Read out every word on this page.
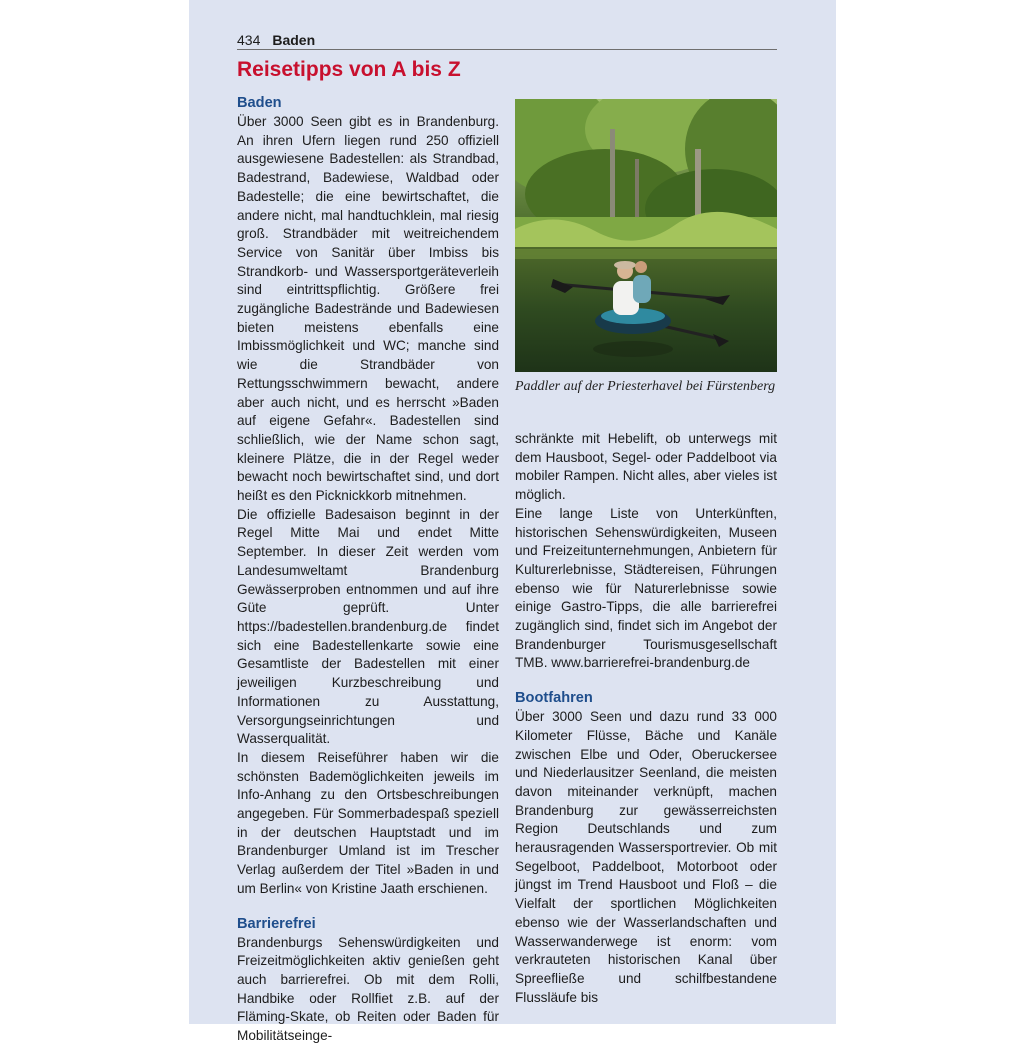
434 Baden
Reisetipps von A bis Z
Baden

Über 3000 Seen gibt es in Brandenburg. An ihren Ufern liegen rund 250 offiziell ausgewiesene Badestellen: als Strandbad, Badestrand, Badewiese, Waldbad oder Badestelle; die eine bewirtschaftet, die andere nicht, mal handtuchklein, mal riesig groß. Strandbäder mit weitreichendem Service von Sanitär über Imbiss bis Strandkorb- und Wassersportgeräteverleih sind eintrittspflichtig. Größere frei zugängliche Badestrände und Badewiesen bieten meistens ebenfalls eine Imbissmöglichkeit und WC; manche sind wie die Strandbäder von Rettungsschwimmern bewacht, andere aber auch nicht, und es herrscht »Baden auf eigene Gefahr«. Badestellen sind schließlich, wie der Name schon sagt, kleinere Plätze, die in der Regel weder bewacht noch bewirtschaftet sind, und dort heißt es den Picknickkorb mitnehmen.

Die offizielle Badesaison beginnt in der Regel Mitte Mai und endet Mitte September. In dieser Zeit werden vom Landesumweltamt Brandenburg Gewässerproben entnommen und auf ihre Güte geprüft. Unter https://badestellen.brandenburg.de findet sich eine Badestellenkarte sowie eine Gesamtliste der Badestellen mit einer jeweiligen Kurzbeschreibung und Informationen zu Ausstattung, Versorgungseinrichtungen und Wasserqualität.

In diesem Reiseführer haben wir die schönsten Bademöglichkeiten jeweils im Info-Anhang zu den Ortsbeschreibungen angegeben. Für Sommerbadespaß speziell in der deutschen Hauptstadt und im Brandenburger Umland ist im Trescher Verlag außerdem der Titel »Baden in und um Berlin« von Kristine Jaath erschienen.

Barrierefrei

Brandenburgs Sehenswürdigkeiten und Freizeitmöglichkeiten aktiv genießen geht auch barrierefrei. Ob mit dem Rolli, Handbike oder Rollfiet z.B. auf der Fläming-Skate, ob Reiten oder Baden für Mobilitätseinge-

Paddler auf der Priesterhavel bei Fürstenberg

schränkte mit Hebelift, ob unterwegs mit dem Hausboot, Segel- oder Paddelboot via mobiler Rampen. Nicht alles, aber vieles ist möglich.

Eine lange Liste von Unterkünften, historischen Sehenswürdigkeiten, Museen und Freizeitunternehmungen, Anbietern für Kulturerlebnisse, Städtereisen, Führungen ebenso wie für Naturerlebnisse sowie einige Gastro-Tipps, die alle barrierefrei zugänglich sind, findet sich im Angebot der Brandenburger Tourismusgesellschaft TMB. www.barrierefrei-brandenburg.de

Bootfahren

Über 3000 Seen und dazu rund 33 000 Kilometer Flüsse, Bäche und Kanäle zwischen Elbe und Oder, Oberuckersee und Niederlausitzer Seenland, die meisten davon miteinander verknüpft, machen Brandenburg zur gewässerreichsten Region Deutschlands und zum herausragenden Wassersportrevier. Ob mit Segelboot, Paddelboot, Motorboot oder jüngst im Trend Hausboot und Floß – die Vielfalt der sportlichen Möglichkeiten ebenso wie der Wasserlandschaften und Wasserwanderwege ist enorm: vom verkrauteten historischen Kanal über Spreefließe und schilfbestandene Flussläufe bis
